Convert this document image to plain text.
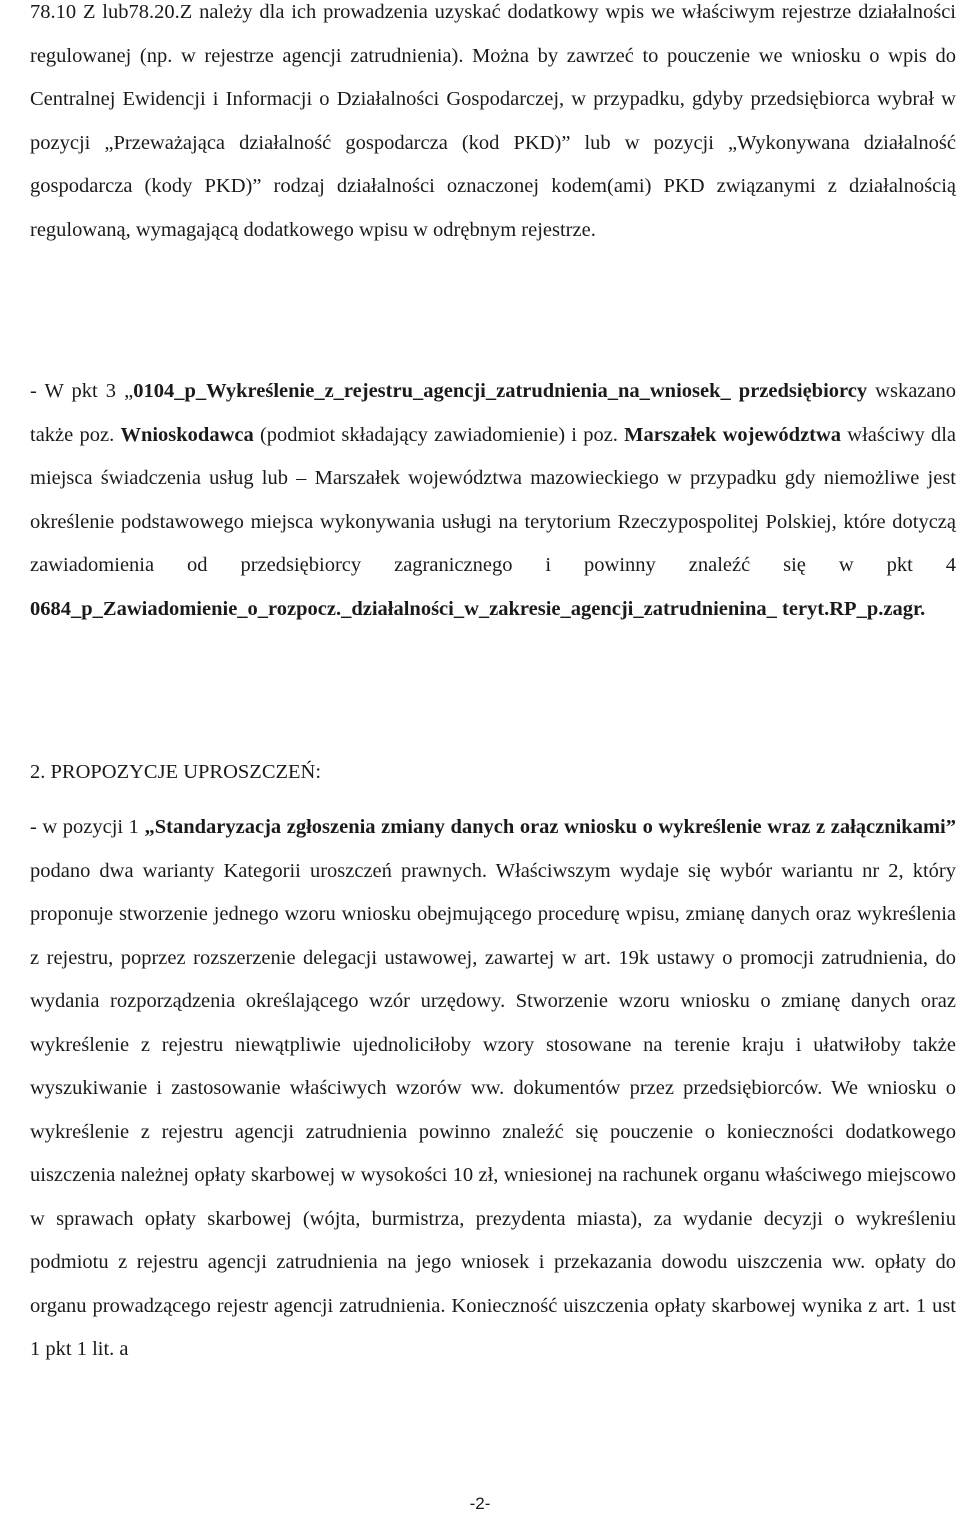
78.10 Z lub78.20.Z należy dla ich prowadzenia uzyskać dodatkowy wpis we właściwym rejestrze działalności regulowanej (np. w rejestrze agencji zatrudnienia). Można by zawrzeć to pouczenie we wniosku o wpis do Centralnej Ewidencji i Informacji o Działalności Gospodarczej, w przypadku, gdyby przedsiębiorca wybrał w pozycji „Przeważająca działalność gospodarcza (kod PKD)” lub w pozycji „Wykonywana działalność gospodarcza (kody PKD)” rodzaj działalności oznaczonej kodem(ami) PKD związanymi z działalnością regulowaną, wymagającą dodatkowego wpisu w odrębnym rejestrze.

- W pkt 3 „0104_p_Wykreślenie_z_rejestru_agencji_zatrudnienia_na_wniosek_ przedsiębiorcy wskazano także poz. Wnioskodawca (podmiot składający zawiadomienie) i poz. Marszałek województwa właściwy dla miejsca świadczenia usług lub – Marszałek województwa mazowieckiego w przypadku gdy niemożliwe jest określenie podstawowego miejsca wykonywania usługi na terytorium Rzeczypospolitej Polskiej, które dotyczą zawiadomienia od przedsiębiorcy zagranicznego i powinny znaleźć się w pkt 4 0684_p_Zawiadomienie_o_rozpocz._działalności_w_zakresie_agencji_zatrudnienina_ teryt.RP_p.zagr.

2. PROPOZYCJE UPROSZCZEŃ:

- w pozycji 1 „Standaryzacja zgłoszenia zmiany danych oraz wniosku o wykreślenie wraz z załącznikami” podano dwa warianty Kategorii uroszczeń prawnych. Właściwszym wydaje się wybór wariantu nr 2, który proponuje stworzenie jednego wzoru wniosku obejmującego procedurę wpisu, zmianę danych oraz wykreślenia z rejestru, poprzez rozszerzenie delegacji ustawowej, zawartej w art. 19k ustawy o promocji zatrudnienia, do wydania rozporządzenia określającego wzór urzędowy. Stworzenie wzoru wniosku o zmianę danych oraz wykreślenie z rejestru niewątpliwie ujednoliciłoby wzory stosowane na terenie kraju i ułatwiłoby także wyszukiwanie i zastosowanie właściwych wzorów ww. dokumentów przez przedsiębiorców. We wniosku o wykreślenie z rejestru agencji zatrudnienia powinno znaleźć się pouczenie o konieczności dodatkowego uiszczenia należnej opłaty skarbowej w wysokości 10 zł, wniesionej na rachunek organu właściwego miejscowo w sprawach opłaty skarbowej (wójta, burmistrza, prezydenta miasta), za wydanie decyzji o wykreśleniu podmiotu z rejestru agencji zatrudnienia na jego wniosek i przekazania dowodu uiszczenia ww. opłaty do organu prowadzącego rejestr agencji zatrudnienia. Konieczność uiszczenia opłaty skarbowej wynika z art. 1 ust 1 pkt 1 lit. a

-2-
